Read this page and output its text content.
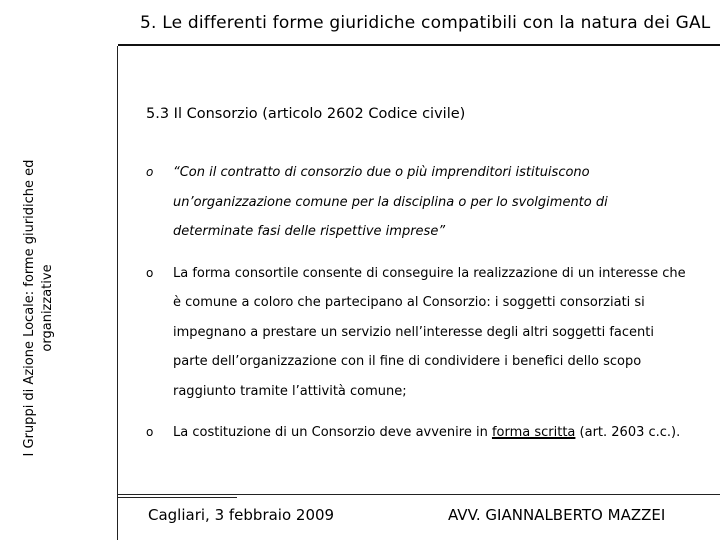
5. Le differenti forme giuridiche compatibili con la natura dei GAL
I Gruppi di Azione Locale: forme giuridiche ed organizzative
5.3 Il Consorzio (articolo 2602 Codice civile)
o “Con il contratto di consorzio due o più imprenditori istituiscono un’organizzazione comune per la disciplina o per lo svolgimento di determinate fasi delle rispettive imprese”
o La forma consortile consente di conseguire la realizzazione di un interesse che è comune a coloro che partecipano al Consorzio: i soggetti consorziati si impegnano a prestare un servizio nell’interesse degli altri soggetti facenti parte dell’organizzazione con il fine di condividere i benefici dello scopo raggiunto tramite l’attività comune;
o La costituzione di un Consorzio deve avvenire in forma scritta (art. 2603 c.c.).
Cagliari, 3 febbraio 2009	AVV. GIANNALBERTO MAZZEI
